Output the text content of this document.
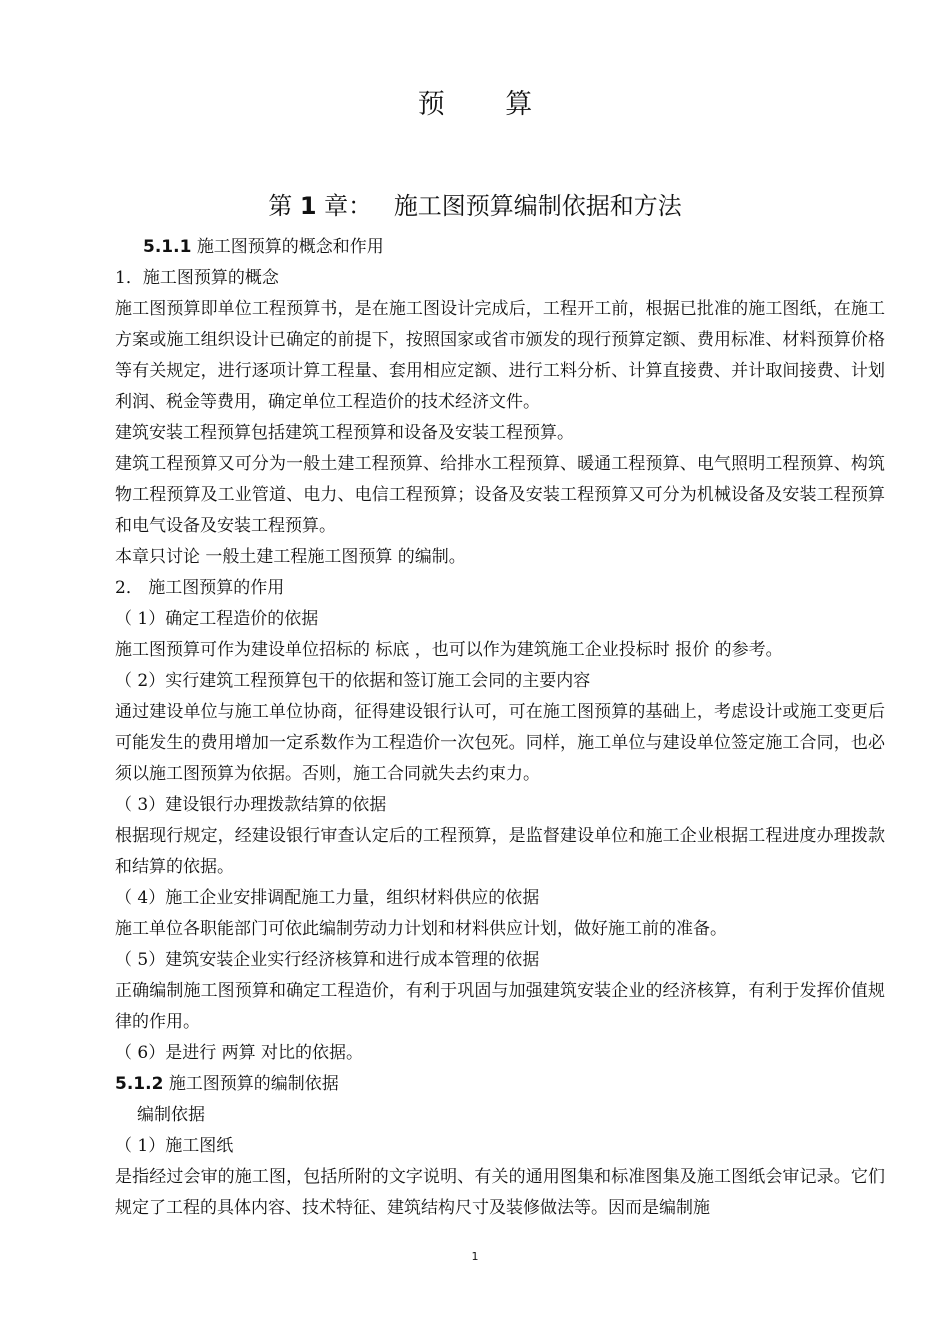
预 算
第 1 章： 施工图预算编制依据和方法

5.1.1 施工图预算的概念和作用

1．施工图预算的概念

施工图预算即单位工程预算书，是在施工图设计完成后，工程开工前，根据已批准的施工图纸，在施工方案或施工组织设计已确定的前提下，按照国家或省市颁发的现行预算定额、费用标准、材料预算价格等有关规定，进行逐项计算工程量、套用相应定额、进行工料分析、计算直接费、并计取间接费、计划利润、税金等费用，确定单位工程造价的技术经济文件。

建筑安装工程预算包括建筑工程预算和设备及安装工程预算。

建筑工程预算又可分为一般土建工程预算、给排水工程预算、暖通工程预算、电气照明工程预算、构筑物工程预算及工业管道、电力、电信工程预算；设备及安装工程预算又可分为机械设备及安装工程预算和电气设备及安装工程预算。

本章只讨论 一般土建工程施工图预算 的编制。

2． 施工图预算的作用

（ 1）确定工程造价的依据

施工图预算可作为建设单位招标的 标底 ，也可以作为建筑施工企业投标时 报价 的参考。

（ 2）实行建筑工程预算包干的依据和签订施工会同的主要内容

通过建设单位与施工单位协商，征得建设银行认可，可在施工图预算的基础上，考虑设计或施工变更后可能发生的费用增加一定系数作为工程造价一次包死。同样，施工单位与建设单位签定施工合同，也必须以施工图预算为依据。否则，施工合同就失去约束力。

（ 3）建设银行办理拨款结算的依据

根据现行规定，经建设银行审查认定后的工程预算，是监督建设单位和施工企业根据工程进度办理拨款和结算的依据。

（ 4）施工企业安排调配施工力量，组织材料供应的依据

施工单位各职能部门可依此编制劳动力计划和材料供应计划，做好施工前的准备。

（ 5）建筑安装企业实行经济核算和进行成本管理的依据

正确编制施工图预算和确定工程造价，有利于巩固与加强建筑安装企业的经济核算，有利于发挥价值规律的作用。

（ 6）是进行 两算 对比的依据。

5.1.2 施工图预算的编制依据

编制依据

（ 1）施工图纸

是指经过会审的施工图，包括所附的文字说明、有关的通用图集和标准图集及施工图纸会审记录。它们规定了工程的具体内容、技术特征、建筑结构尺寸及装修做法等。因而是编制施

1
